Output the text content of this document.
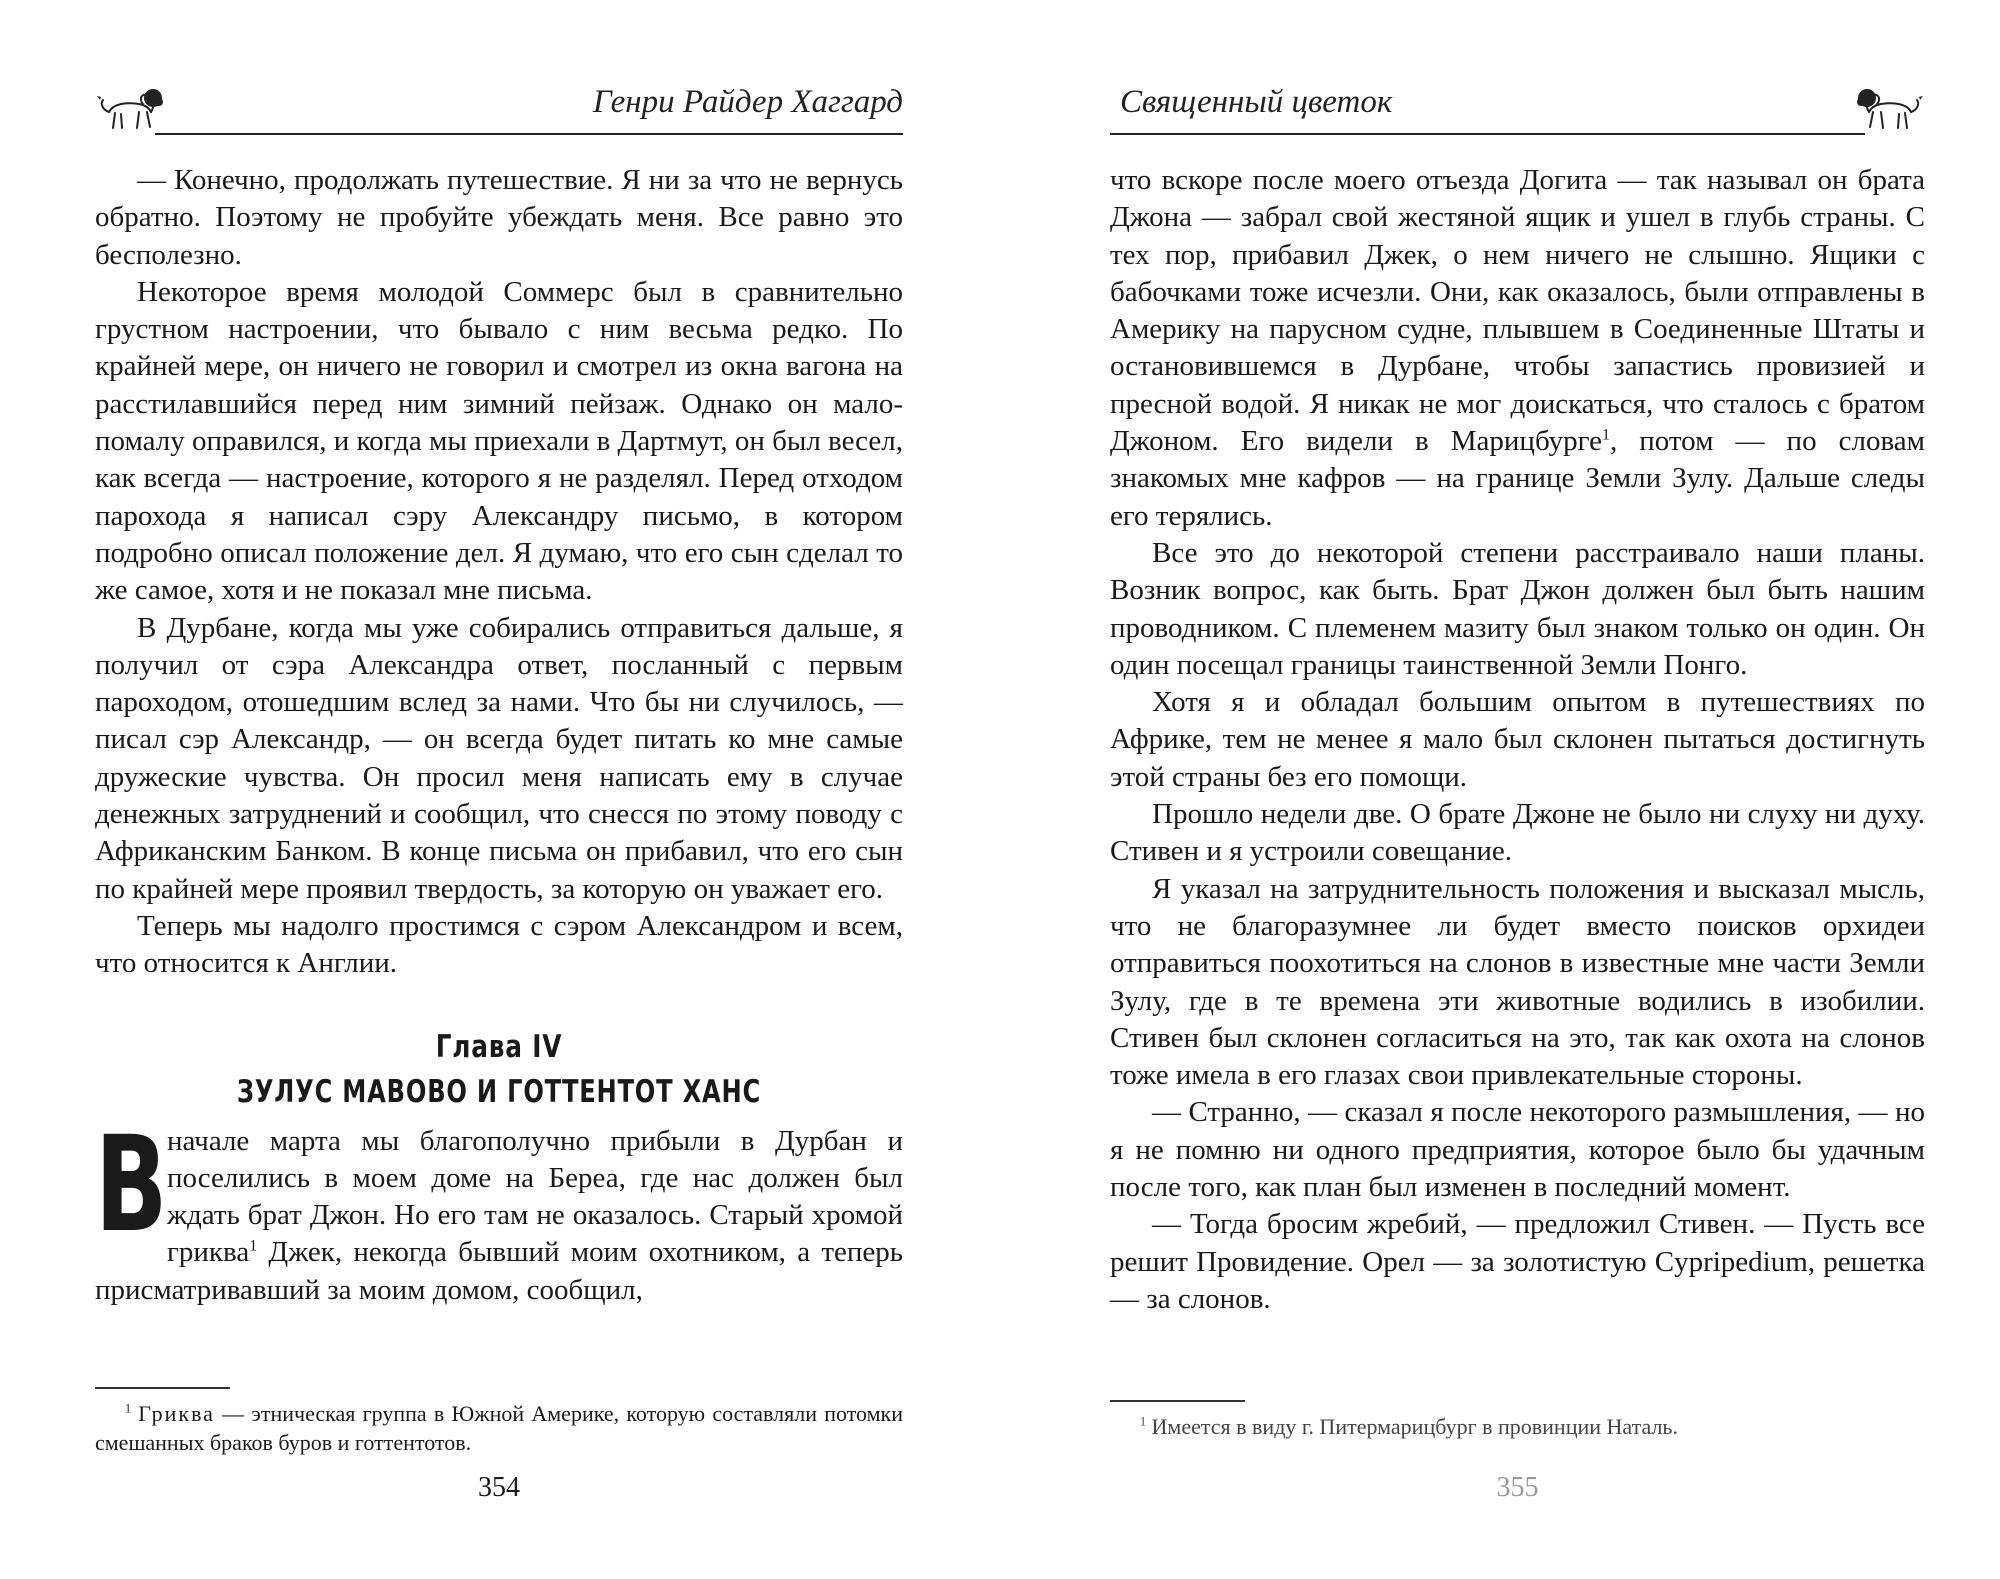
Генри Райдер Хаггард

— Конечно, продолжать путешествие. Я ни за что не вернусь обратно. Поэтому не пробуйте убеждать меня. Все равно это бесполезно.

Некоторое время молодой Соммерс был в сравнительно грустном настроении, что бывало с ним весьма редко. По крайней мере, он ничего не говорил и смотрел из окна вагона на расстилавшийся перед ним зимний пейзаж. Однако он мало-помалу оправился, и когда мы приехали в Дартмут, он был весел, как всегда — настроение, которого я не разделял. Перед отходом парохода я написал сэру Александру письмо, в котором подробно описал положение дел. Я думаю, что его сын сделал то же самое, хотя и не показал мне письма.

В Дурбане, когда мы уже собирались отправиться дальше, я получил от сэра Александра ответ, посланный с первым пароходом, отошедшим вслед за нами. Что бы ни случилось, — писал сэр Александр, — он всегда будет питать ко мне самые дружеские чувства. Он просил меня написать ему в случае денежных затруднений и сообщил, что снесся по этому поводу с Африканским Банком. В конце письма он прибавил, что его сын по крайней мере проявил твердость, за которую он уважает его.

Теперь мы надолго простимся с сэром Александром и всем, что относится к Англии.

Глава IV
ЗУЛУС МАВОВО И ГОТТЕНТОТ ХАНС

В начале марта мы благополучно прибыли в Дурбан и поселились в моем доме на Береа, где нас должен был ждать брат Джон. Но его там не оказалось. Старый хромой гриква$^1$ Джек, некогда бывший моим охотником, а теперь присматривавший за моим домом, сообщил,

$^1$ Гриква — этническая группа в Южной Америке, которую составляли потомки смешанных браков буров и готтентотов.
354
Священный цветок

что вскоре после моего отъезда Догита — так называл он брата Джона — забрал свой жестяной ящик и ушел в глубь страны. С тех пор, прибавил Джек, о нем ничего не слышно. Ящики с бабочками тоже исчезли. Они, как оказалось, были отправлены в Америку на парусном судне, плывшем в Соединенные Штаты и остановившемся в Дурбане, чтобы запастись провизией и пресной водой. Я никак не мог доискаться, что сталось с братом Джоном. Его видели в Марицбурге$^1$, потом — по словам знакомых мне кафров — на границе Земли Зулу. Дальше следы его терялись.

Все это до некоторой степени расстраивало наши планы. Возник вопрос, как быть. Брат Джон должен был быть нашим проводником. С племенем мазиту был знаком только он один. Он один посещал границы таинственной Земли Понго.

Хотя я и обладал большим опытом в путешествиях по Африке, тем не менее я мало был склонен пытаться достигнуть этой страны без его помощи.

Прошло недели две. О брате Джоне не было ни слуху ни духу. Стивен и я устроили совещание.

Я указал на затруднительность положения и высказал мысль, что не благоразумнее ли будет вместо поисков орхидеи отправиться поохотиться на слонов в известные мне части Земли Зулу, где в те времена эти животные водились в изобилии. Стивен был склонен согласиться на это, так как охота на слонов тоже имела в его глазах свои привлекательные стороны.

— Странно, — сказал я после некоторого размышления, — но я не помню ни одного предприятия, которое было бы удачным после того, как план был изменен в последний момент.

— Тогда бросим жребий, — предложил Стивен. — Пусть все решит Провидение. Орел — за золотистую Cypripedium, решетка — за слонов.

$^1$ Имеется в виду г. Питермарицбург в провинции Наталь.
355
